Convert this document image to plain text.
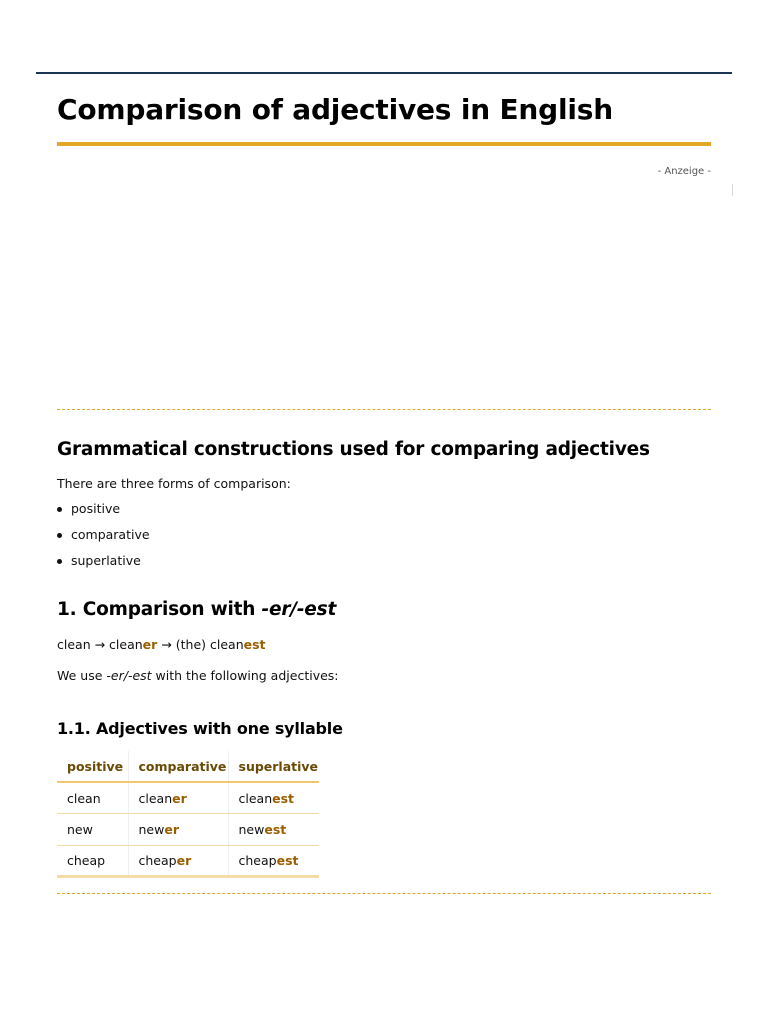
Comparison of adjectives in English
- Anzeige -
Grammatical constructions used for comparing adjectives

There are three forms of comparison:

positive
comparative
superlative
1. Comparison with -er/-est

clean → cleaner → (the) cleanest

We use -er/-est with the following adjectives:

1.1. Adjectives with one syllable
positive	comparative	superlative
clean	cleaner	cleanest
new	newer	newest
cheap	cheaper	cheapest
